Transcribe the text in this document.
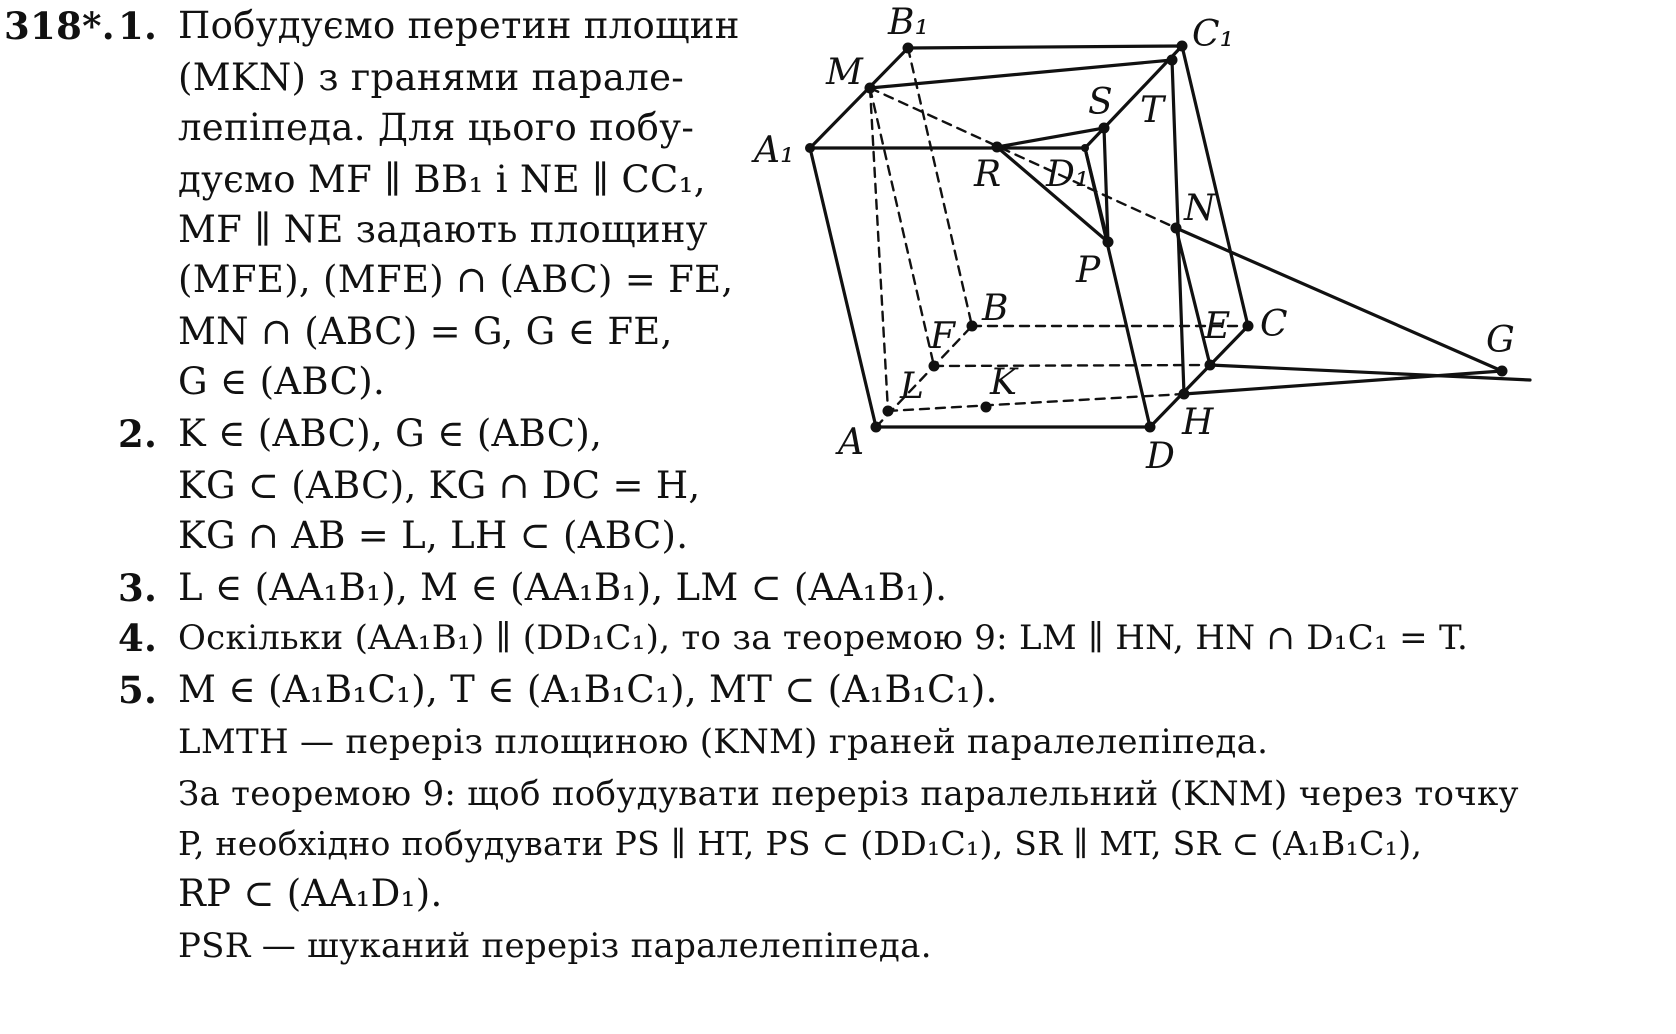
318*. 1. Побудуємо перетин площин
(MKN) з гранями парале-
лепіпеда. Для цього побу-
дуємо MF ∥ BB₁ і NE ∥ CC₁,
MF ∥ NE задають площину
(MFE), (MFE) ∩ (ABC) = FE,
MN ∩ (ABC) = G, G ∈ FE,
G ∈ (ABC).
2. K ∈ (ABC), G ∈ (ABC),
KG ⊂ (ABC), KG ∩ DC = H,
KG ∩ AB = L, LH ⊂ (ABC).
3. L ∈ (AA₁B₁), M ∈ (AA₁B₁), LM ⊂ (AA₁B₁).
4. Оскільки (AA₁B₁) ∥ (DD₁C₁), то за теоремою 9: LM ∥ HN, HN ∩ D₁C₁ = T.
5. M ∈ (A₁B₁C₁), T ∈ (A₁B₁C₁), MT ⊂ (A₁B₁C₁).
LMTH — переріз площиною (KNM) граней паралелепіпеда.
За теоремою 9: щоб побудувати переріз паралельний (KNM) через точку
P, необхідно побудувати PS ∥ HT, PS ⊂ (DD₁C₁), SR ∥ MT, SR ⊂ (A₁B₁C₁),
RP ⊂ (AA₁D₁).
PSR — шуканий переріз паралелепіпеда.
B₁	C₁
M
A₁
S T
R D₁
N
P
B
F	E C	G
L K
A	H
D
